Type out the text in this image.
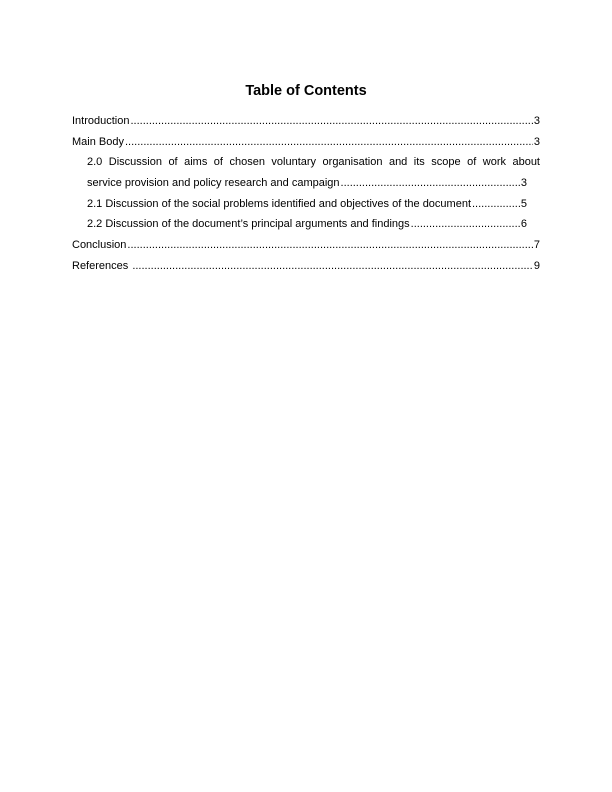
Table of Contents
Introduction .....	3
Main Body .....	3
2.0 Discussion of aims of chosen voluntary organisation and its scope of work about
service provision and policy research and campaign .....	3
2.1 Discussion of the social problems identified and objectives of the document .....	5
2.2 Discussion of the document’s principal arguments and findings .....	6
Conclusion .....	7
References .....	9
